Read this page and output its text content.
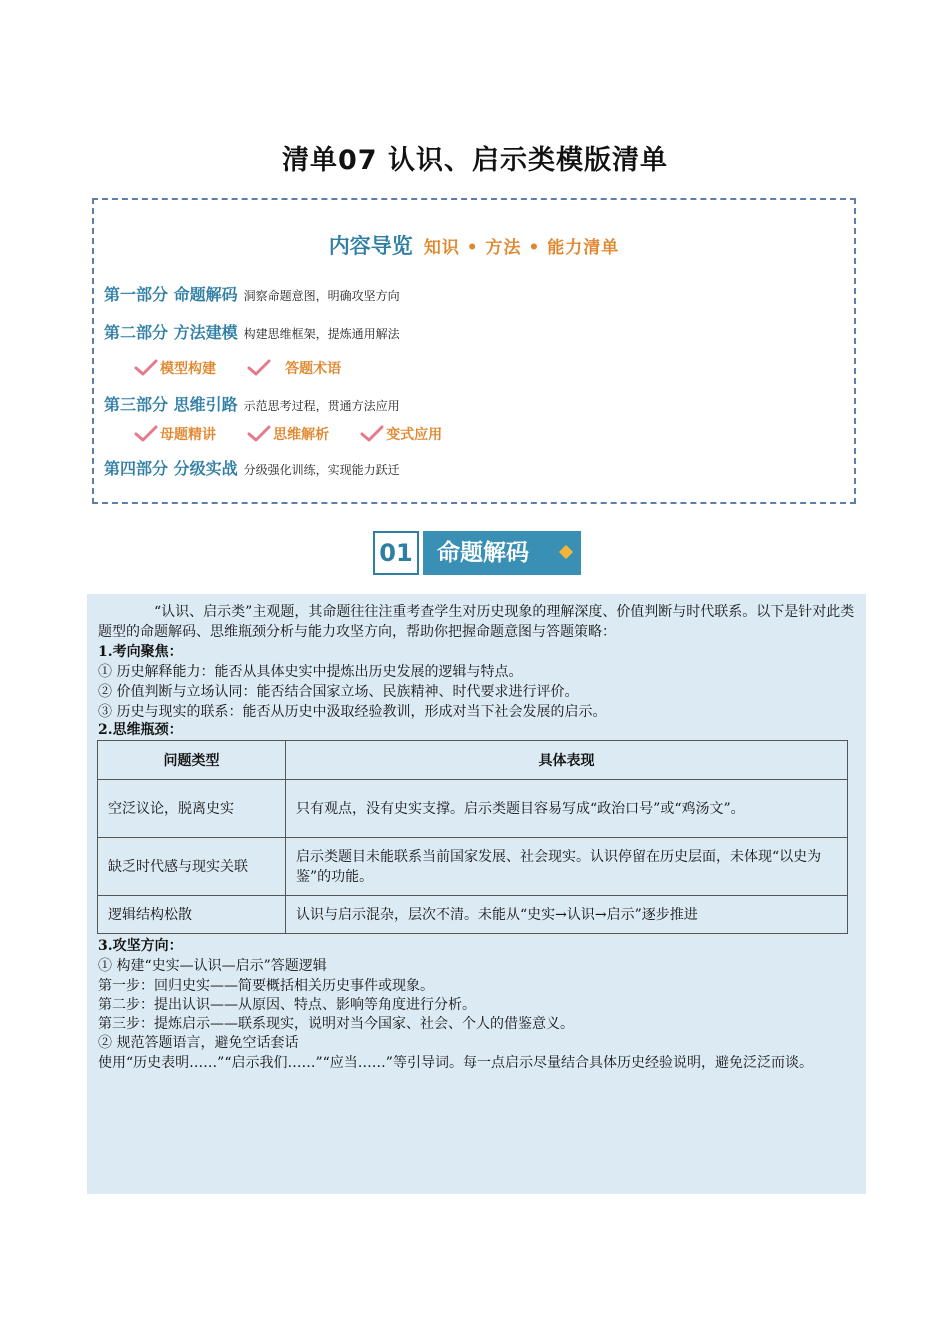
清单07 认识、启示类模版清单
内容导览 知识 • 方法 • 能力清单
第一部分 命题解码 洞察命题意图，明确攻坚方向
第二部分 方法建模 构建思维框架，提炼通用解法
模型构建
	答题术语
第三部分 思维引路 示范思考过程，贯通方法应用
母题精讲
	思维解析
	变式应用
第四部分 分级实战 分级强化训练，实现能力跃迁
01	命题解码
“认识、启示类”主观题，其命题往往注重考查学生对历史现象的理解深度、价值判断与时代联系。以下是针对此类题型的命题解码、思维瓶颈分析与能力攻坚方向，帮助你把握命题意图与答题策略：
1.考向聚焦：
① 历史解释能力：能否从具体史实中提炼出历史发展的逻辑与特点。
② 价值判断与立场认同：能否结合国家立场、民族精神、时代要求进行评价。
③ 历史与现实的联系：能否从历史中汲取经验教训，形成对当下社会发展的启示。
2.思维瓶颈：
问题类型	具体表现
空泛议论，脱离史实	只有观点，没有史实支撑。启示类题目容易写成“政治口号”或“鸡汤文”。
缺乏时代感与现实关联	启示类题目未能联系当前国家发展、社会现实。认识停留在历史层面，未体现“以史为鉴”的功能。
逻辑结构松散	认识与启示混杂，层次不清。未能从“史实→认识→启示”逐步推进
3.攻坚方向：
① 构建“史实—认识—启示”答题逻辑
第一步：回归史实——简要概括相关历史事件或现象。
第二步：提出认识——从原因、特点、影响等角度进行分析。
第三步：提炼启示——联系现实，说明对当今国家、社会、个人的借鉴意义。
② 规范答题语言，避免空话套话
使用“历史表明……”“启示我们……”“应当……”等引导词。每一点启示尽量结合具体历史经验说明，避免泛泛而谈。
